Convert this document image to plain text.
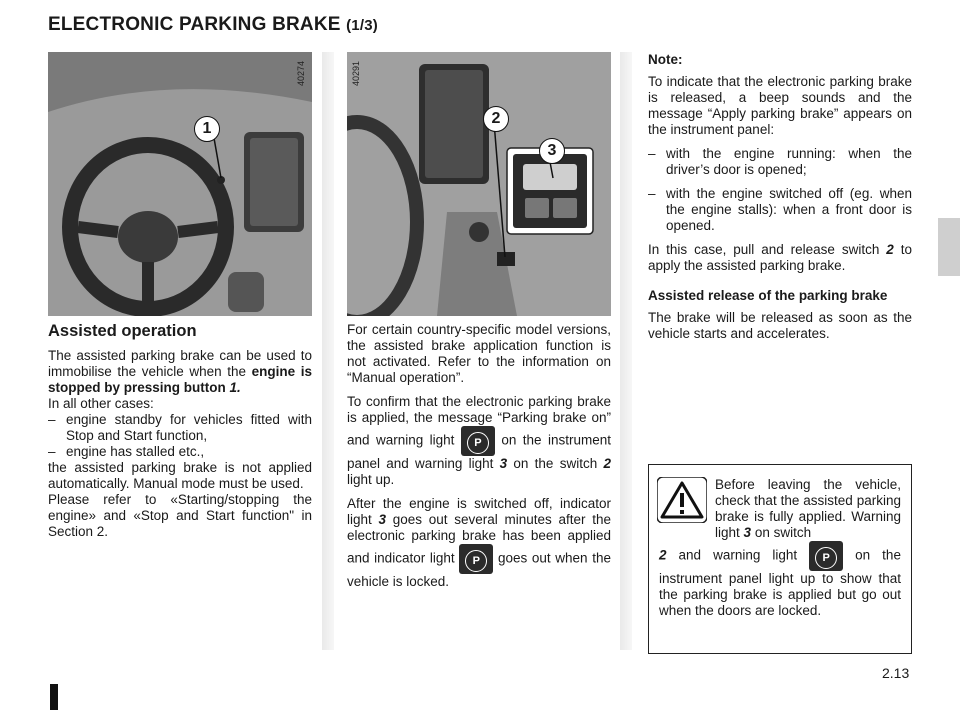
ELECTRONIC PARKING BRAKE (1/3)
40274
1
40291
2
3
Assisted operation

The assisted parking brake can be used to immobilise the vehicle when the engine is stopped by pressing button 1.

In all other cases:
– engine standby for vehicles fitted with Stop and Start function,
– engine has stalled etc.,
the assisted parking brake is not applied automatically. Manual mode must be used.
Please refer to «Starting/stopping the engine» and «Stop and Start function" in Section 2.

For certain country-specific model versions, the assisted brake application function is not activated. Refer to the information on “Manual operation”.

To confirm that the electronic parking brake is applied, the message “Parking brake on” and warning light P on the instrument panel and warning light 3 on the switch 2 light up.

After the engine is switched off, indicator light 3 goes out several minutes after the electronic parking brake has been applied and indicator light P goes out when the vehicle is locked.

Note:

To indicate that the electronic parking brake is released, a beep sounds and the message “Apply parking brake” appears on the instrument panel:

– with the engine running: when the driver’s door is opened;
– with the engine switched off (eg. when the engine stalls): when a front door is opened.

In this case, pull and release switch 2 to apply the assisted parking brake.

Assisted release of the parking brake

The brake will be released as soon as the vehicle starts and accelerates.

Before leaving the vehicle, check that the assisted parking brake is fully applied. Warning light 3 on switch
2 and warning light P on the instrument panel light up to show that the parking brake is applied but go out when the doors are locked.
2.13
